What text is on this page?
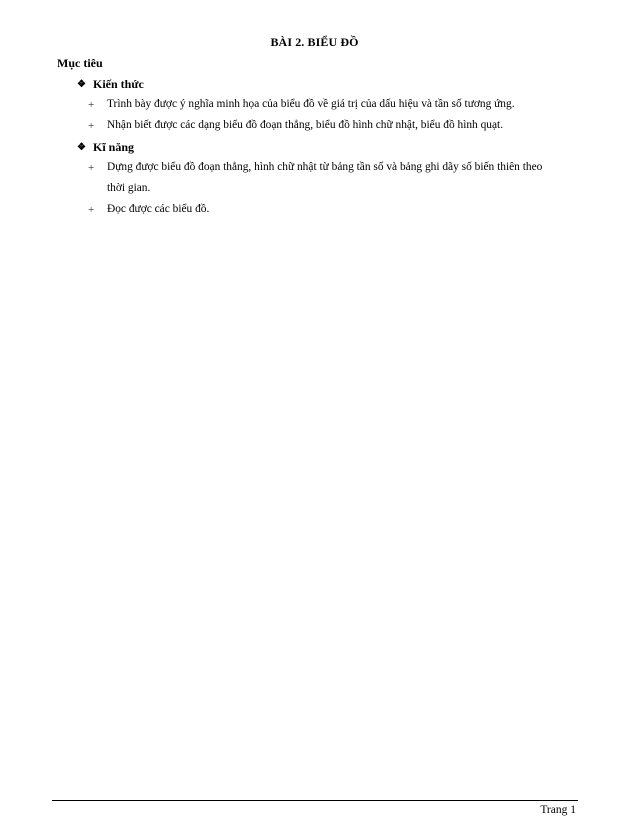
BÀI 2. BIỂU ĐỒ
Mục tiêu
❖ Kiến thức
+ Trình bày được ý nghĩa minh họa của biểu đồ về giá trị của dấu hiệu và tần số tương ứng.
+ Nhận biết được các dạng biểu đồ đoạn thẳng, biểu đồ hình chữ nhật, biểu đồ hình quạt.
❖ Kĩ năng
+ Dựng được biểu đồ đoạn thẳng, hình chữ nhật từ bảng tần số và bảng ghi dãy số biến thiên theo
thời gian.
+ Đọc được các biểu đồ.
Trang 1
